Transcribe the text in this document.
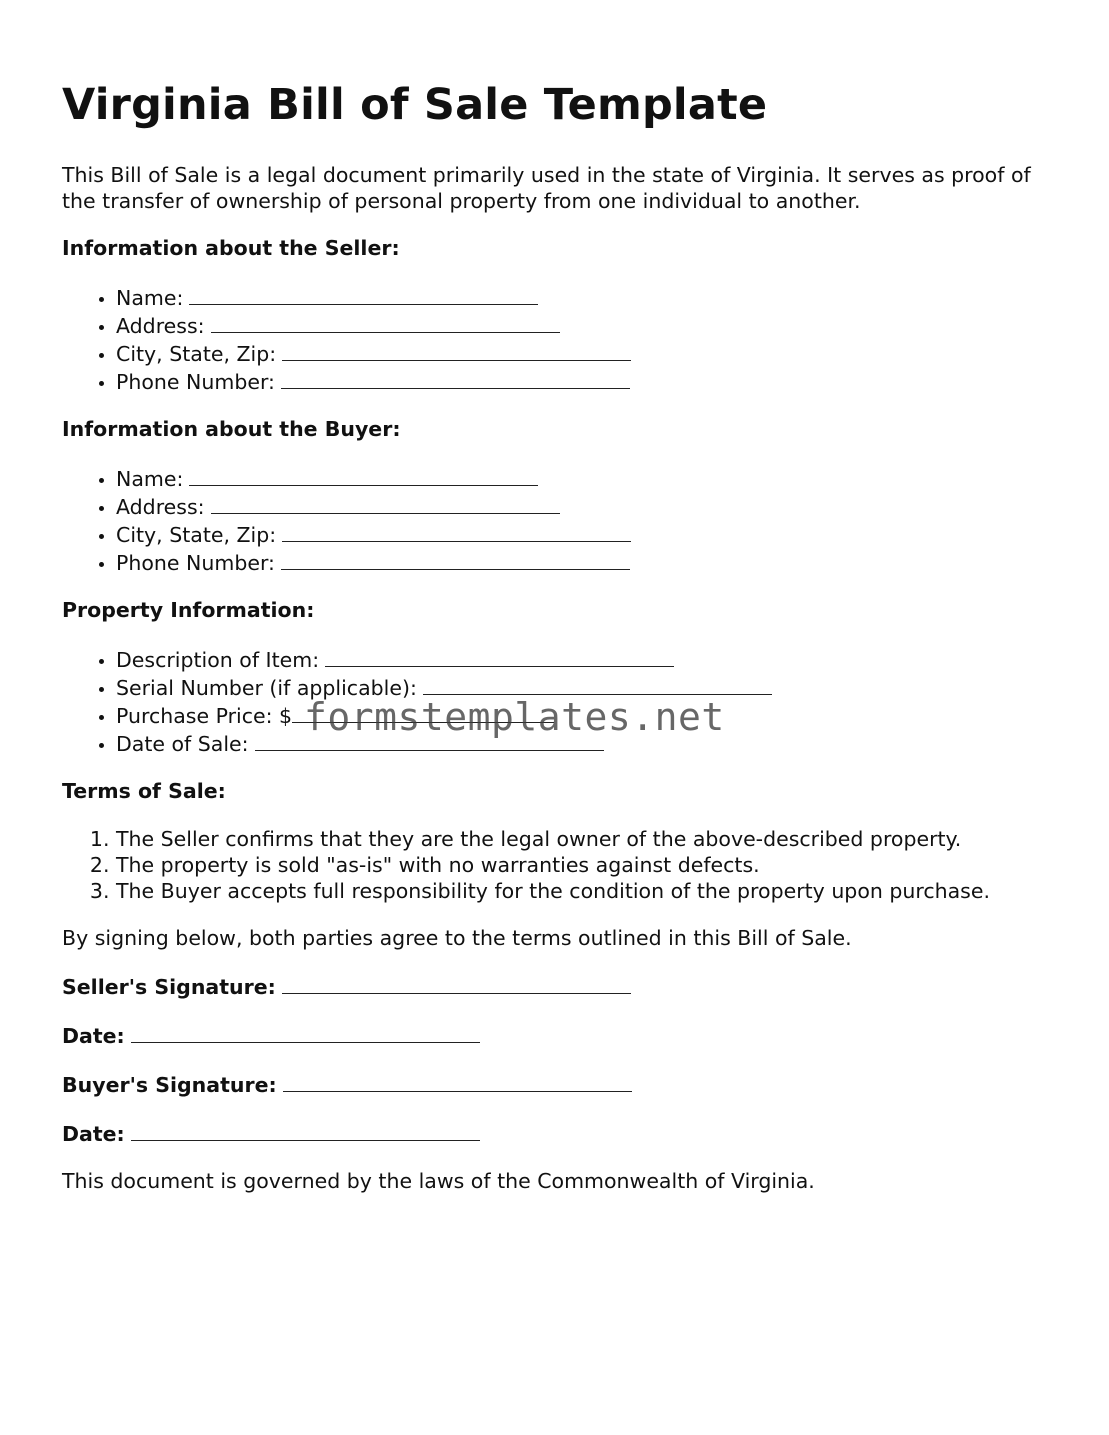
Virginia Bill of Sale Template

This Bill of Sale is a legal document primarily used in the state of Virginia. It serves as proof of the transfer of ownership of personal property from one individual to another.

Information about the Seller:
• Name:
• Address:
• City, State, Zip:
• Phone Number:
Information about the Buyer:
• Name:
• Address:
• City, State, Zip:
• Phone Number:
Property Information:
• Description of Item:
• Serial Number (if applicable):
• Purchase Price: $
• Date of Sale:
Terms of Sale:
1. The Seller confirms that they are the legal owner of the above-described property.
2. The property is sold "as-is" with no warranties against defects.
3. The Buyer accepts full responsibility for the condition of the property upon purchase.

By signing below, both parties agree to the terms outlined in this Bill of Sale.

Seller's Signature:
Date:
Buyer's Signature:
Date:

This document is governed by the laws of the Commonwealth of Virginia.

formstemplates.net
